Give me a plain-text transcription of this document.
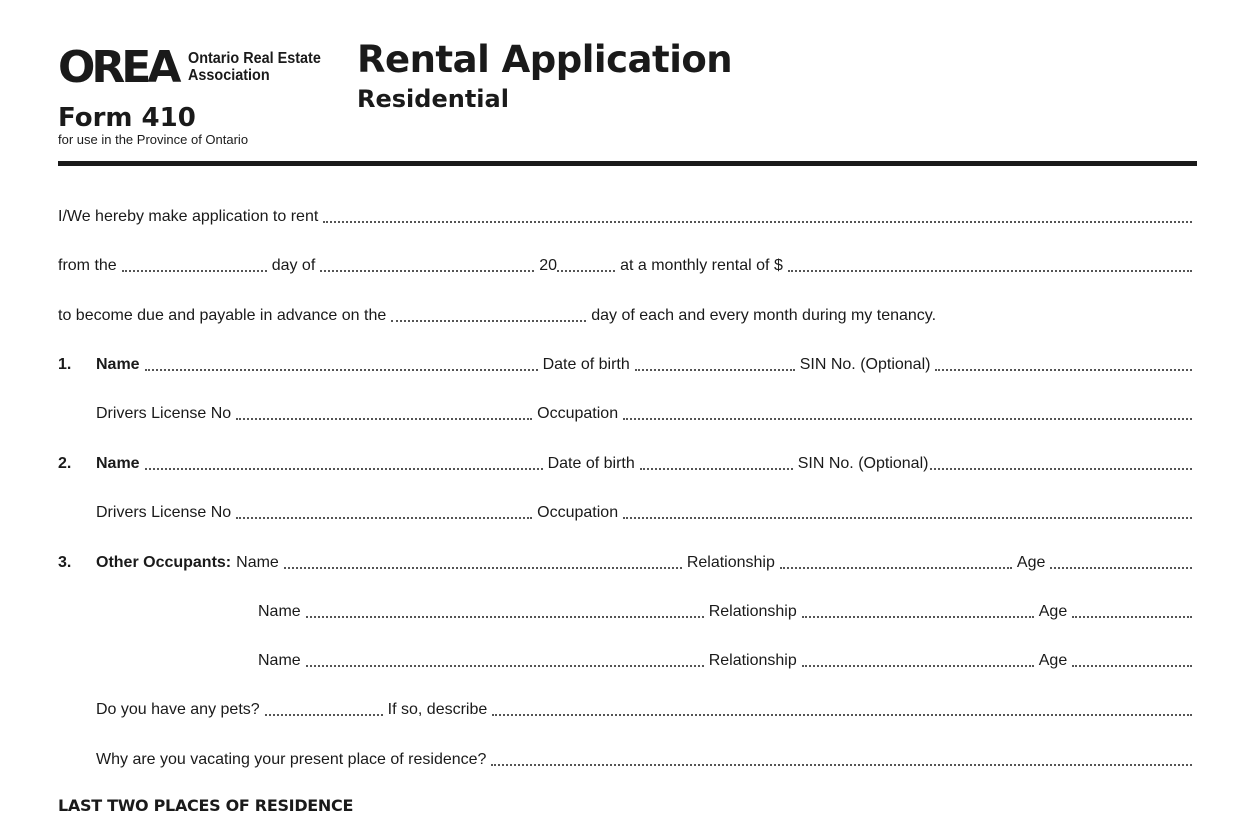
OREA Ontario Real Estate
Association
Form 410
for use in the Province of Ontario
Rental Application
Residential
I/We hereby make application to rent
from the	day of	20	at a monthly rental of $
to become due and payable in advance on the	day of each and every month during my tenancy.
1.	Name	Date of birth	SIN No. (Optional)
Drivers License No	Occupation
2.	Name	Date of birth	SIN No. (Optional)
Drivers License No	Occupation
3.	Other Occupants: Name	Relationship	Age
Name	Relationship	Age
Name	Relationship	Age
Do you have any pets?	If so, describe
Why are you vacating your present place of residence?
LAST TWO PLACES OF RESIDENCE
